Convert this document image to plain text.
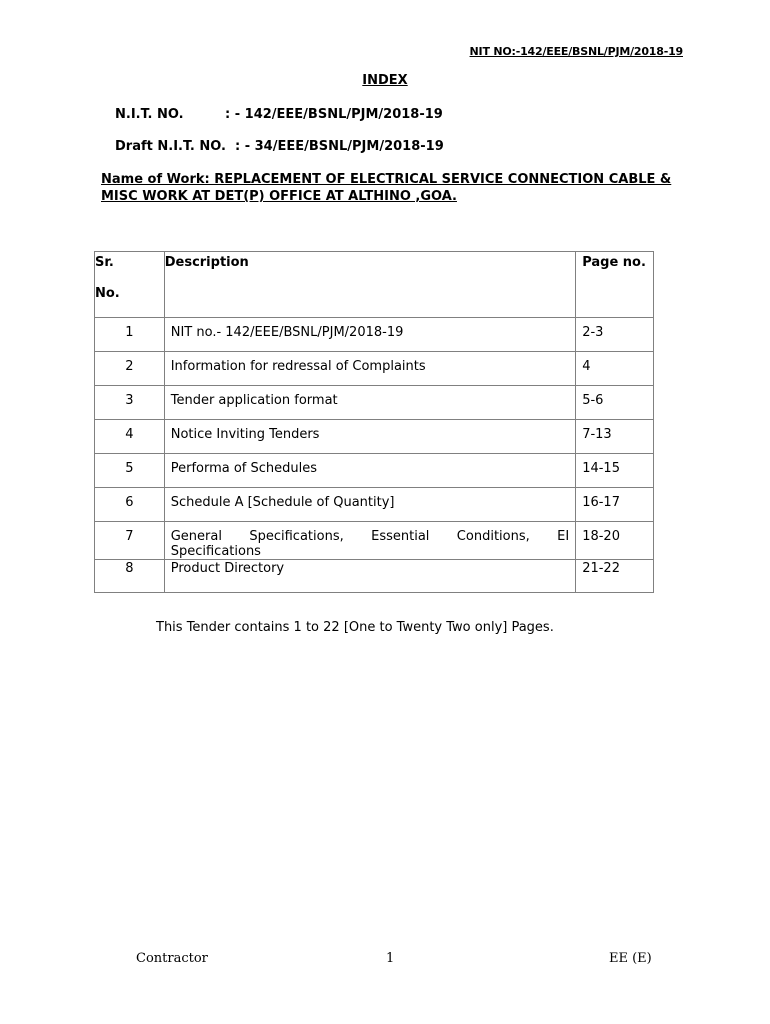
NIT NO:-142/EEE/BSNL/PJM/2018-19
INDEX
N.I.T. NO.	: - 142/EEE/BSNL/PJM/2018-19
Draft N.I.T. NO. : - 34/EEE/BSNL/PJM/2018-19
Name of Work: REPLACEMENT OF ELECTRICAL SERVICE CONNECTION CABLE &
MISC WORK AT DET(P) OFFICE AT ALTHINO ,GOA.
Sr.
No.	Description	Page no.

1	NIT no.- 142/EEE/BSNL/PJM/2018-19	2-3

2	Information for redressal of Complaints	4

3	Tender application format	5-6

4	Notice Inviting Tenders	7-13

5	Performa of Schedules	14-15

6	Schedule A [Schedule of Quantity]	16-17

7	General Specifications, Essential Conditions, EI
Specifications	18-20

8	Product Directory	21-22
This Tender contains 1 to 22 [One to Twenty Two only] Pages.
Contractor	1	EE (E)
